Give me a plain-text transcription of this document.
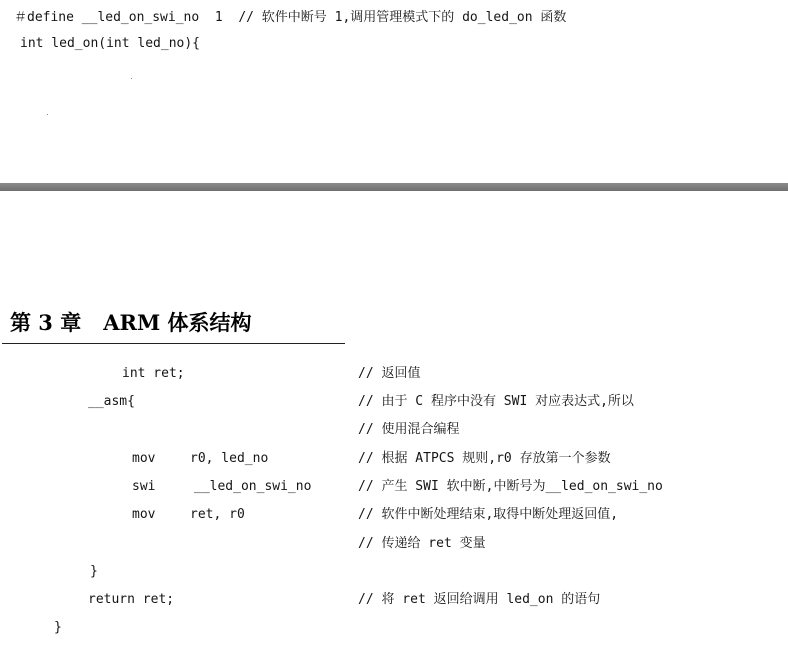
＃define __led_on_swi_no  1  // 软件中断号 1,调用管理模式下的 do_led_on 函数
int led_on(int led_no){
第 3 章 ARM 体系结构
int ret;	// 返回值
__asm{	// 由于 C 程序中没有 SWI 对应表达式,所以
// 使用混合编程
mov	r0, led_no	// 根据 ATPCS 规则,r0 存放第一个参数
swi	__led_on_swi_no	// 产生 SWI 软中断,中断号为__led_on_swi_no
mov	ret, r0	// 软件中断处理结束,取得中断处理返回值,
// 传递给 ret 变量
}
return ret;	// 将 ret 返回给调用 led_on 的语句
}
